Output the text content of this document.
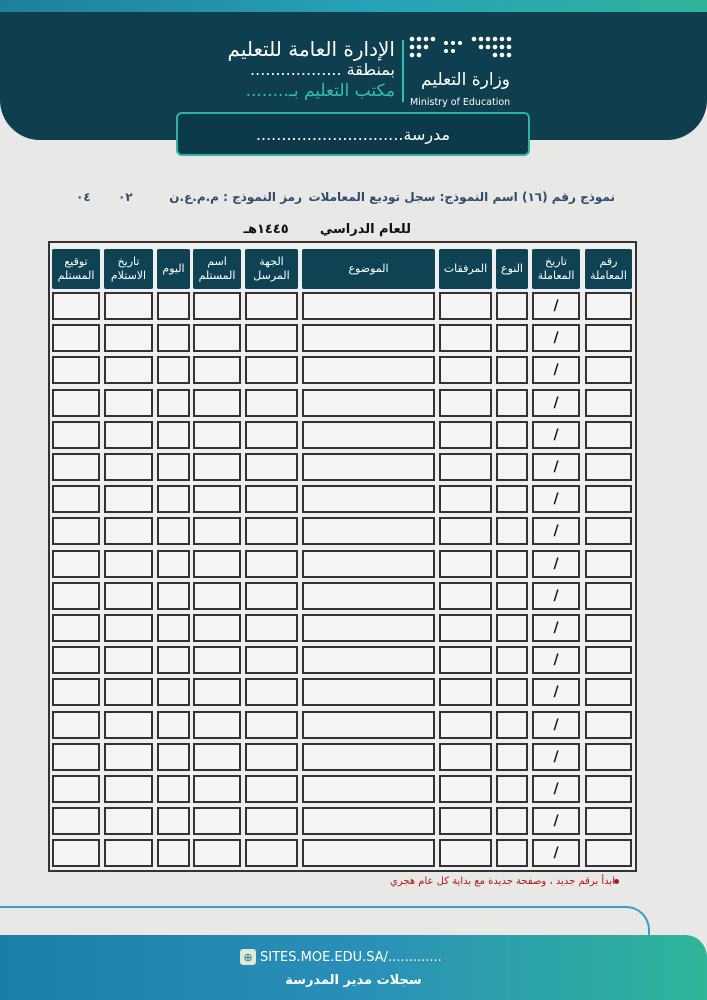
الإدارة العامة للتعليم
بمنطقة ..................
مكتب التعليم بـ........
وزارة التعليم
Ministry of Education
مدرسة.............................
نموذج رقم (١٦) اسم النموذج: سجل توديع المعاملات
رمز النموذج : م.م.ع.ن
٠٢
٠٤
للعام الدراسي  ١٤٤٥هـ
رقم المعاملة
تاريخ المعاملة
النوع
المرفقات
الموضوع
الجهة المرسل
اسم المستلم
اليوم
تاريخ الاستلام
توقيع المستلم
/
/
/
/
/
/
/
/
/
/
/
/
/
/
/
/
/
/
ابدأ برقم جديد ، وصفحة جديدة مع بداية كل عام هجري
⊕ SITES.MOE.EDU.SA/.............
سجلات مدير المدرسة
